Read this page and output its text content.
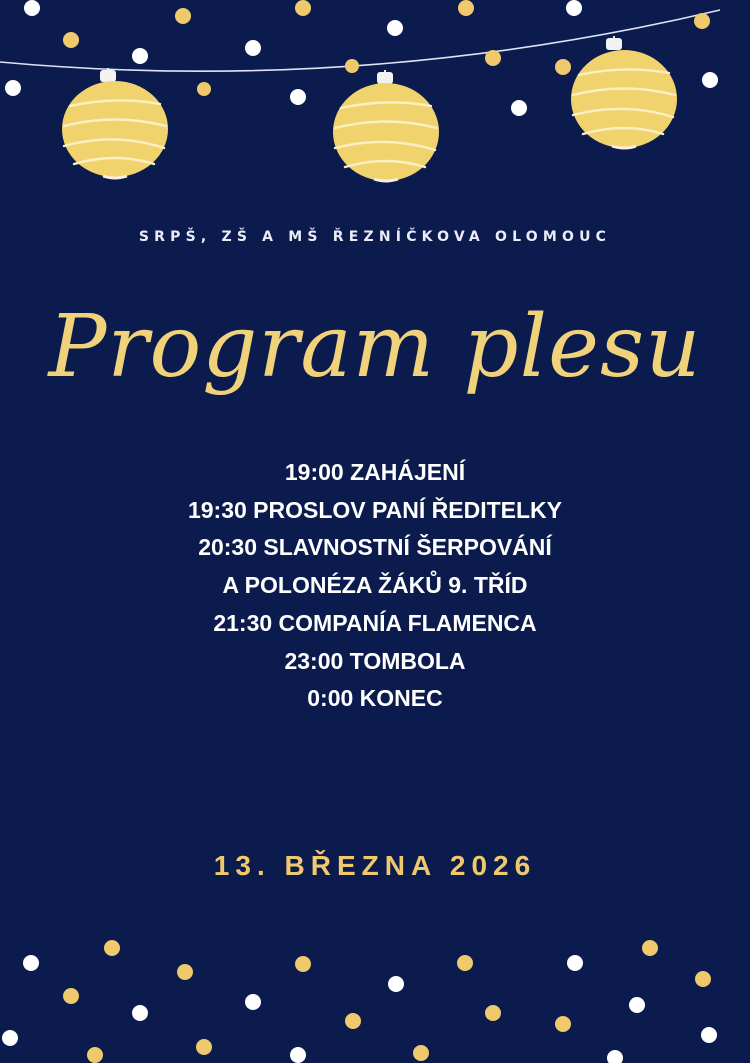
SRPŠ, ZŠ A MŠ ŘEZNÍČKOVA OLOMOUC
Program plesu
19:00 ZAHÁJENÍ
19:30 PROSLOV PANÍ ŘEDITELKY
20:30 SLAVNOSTNÍ ŠERPOVÁNÍ
A POLONÉZA ŽÁKŮ 9. TŘÍD
21:30 COMPANÍA FLAMENCA
23:00 TOMBOLA
0:00 KONEC
13. BŘEZNA 2026
